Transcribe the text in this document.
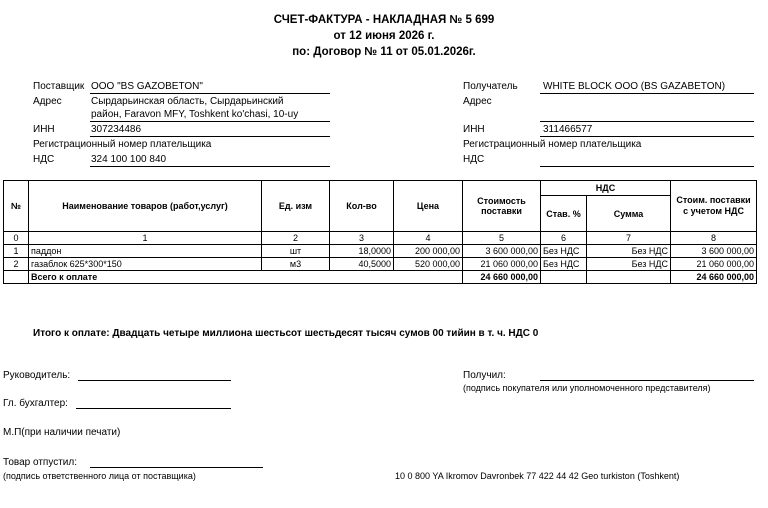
СЧЕТ-ФАКТУРА - НАКЛАДНАЯ № 5 699
от 12 июня 2026 г.
по: Договор № 11 от 05.01.2026г.
Поставщик ООО "BS GAZOBETON"
Адрес	Сырдарьинская область, Сырдарьинский
район, Faravon MFY, Toshkent ko'chasi, 10-uy
ИНН	307234486
Регистрационный номер плательщика
НДС	324 100 100 840
Получатель	WHITE BLOCK ООО (BS GAZABETON)
Адрес
ИНН	311466577
Регистрационный номер плательщика
НДС
№	Наименование товаров (работ,услуг)	Ед. изм	Кол-во	Цена	Стоимость поставки	НДС		Стоим. поставки с учетом НДС
						Став. %	Сумма	
0	1	2	3	4	5	6	7	8
1	паддон	шт	18,0000	200 000,00	3 600 000,00	Без НДС	Без НДС	3 600 000,00
2	газаблок 625*300*150	м3	40,5000	520 000,00	21 060 000,00	Без НДС	Без НДС	21 060 000,00
	Всего к оплате				24 660 000,00			24 660 000,00
Итого к оплате: Двадцать четыре миллиона шестьсот шестьдесят тысяч сумов 00 тийин в т. ч. НДС 0
Руководитель:
Гл. бухгалтер:
М.П(при наличии печати)
Товар отпустил:
(подпись ответственного лица от поставщика)
Получил:
(подпись покупателя или уполномоченного представителя)
10 0 800 YA Ikromov Davronbek 77 422 44 42 Geo turkiston (Toshkent)
